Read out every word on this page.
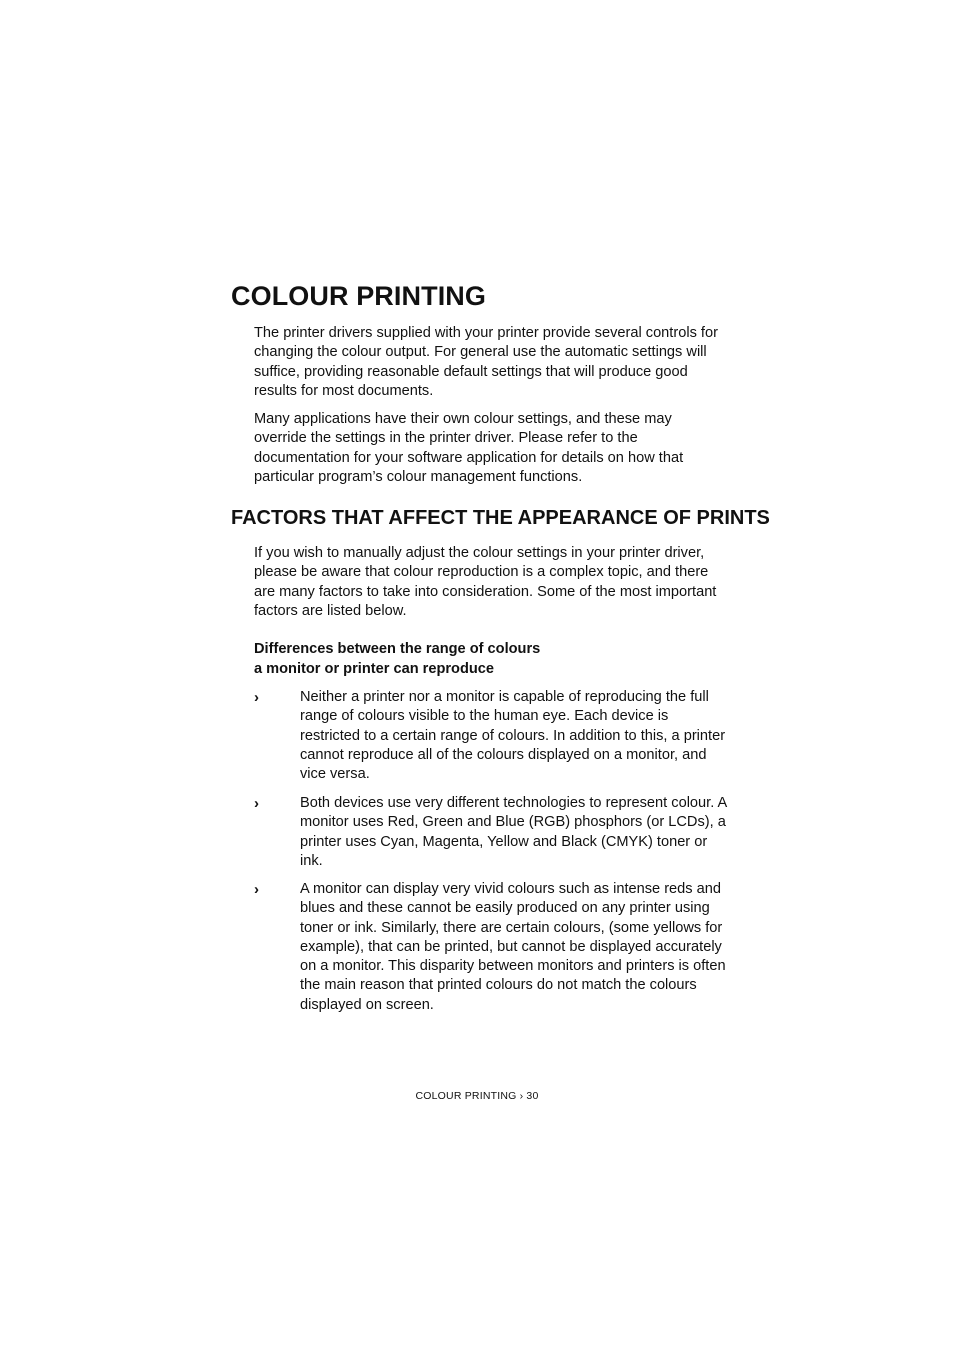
COLOUR PRINTING

The printer drivers supplied with your printer provide several controls for changing the colour output. For general use the automatic settings will suffice, providing reasonable default settings that will produce good results for most documents.

Many applications have their own colour settings, and these may override the settings in the printer driver. Please refer to the documentation for your software application for details on how that particular program’s colour management functions.

FACTORS THAT AFFECT THE APPEARANCE OF PRINTS

If you wish to manually adjust the colour settings in your printer driver, please be aware that colour reproduction is a complex topic, and there are many factors to take into consideration. Some of the most important factors are listed below.

Differences between the range of colours
a monitor or printer can reproduce
›	Neither a printer nor a monitor is capable of reproducing the full range of colours visible to the human eye. Each device is restricted to a certain range of colours. In addition to this, a printer cannot reproduce all of the colours displayed on a monitor, and vice versa.

›	Both devices use very different technologies to represent colour. A monitor uses Red, Green and Blue (RGB) phosphors (or LCDs), a printer uses Cyan, Magenta, Yellow and Black (CMYK) toner or ink.

›	A monitor can display very vivid colours such as intense reds and blues and these cannot be easily produced on any printer using toner or ink. Similarly, there are certain colours, (some yellows for example), that can be printed, but cannot be displayed accurately on a monitor. This disparity between monitors and printers is often the main reason that printed colours do not match the colours displayed on screen.

COLOUR PRINTING › 30
